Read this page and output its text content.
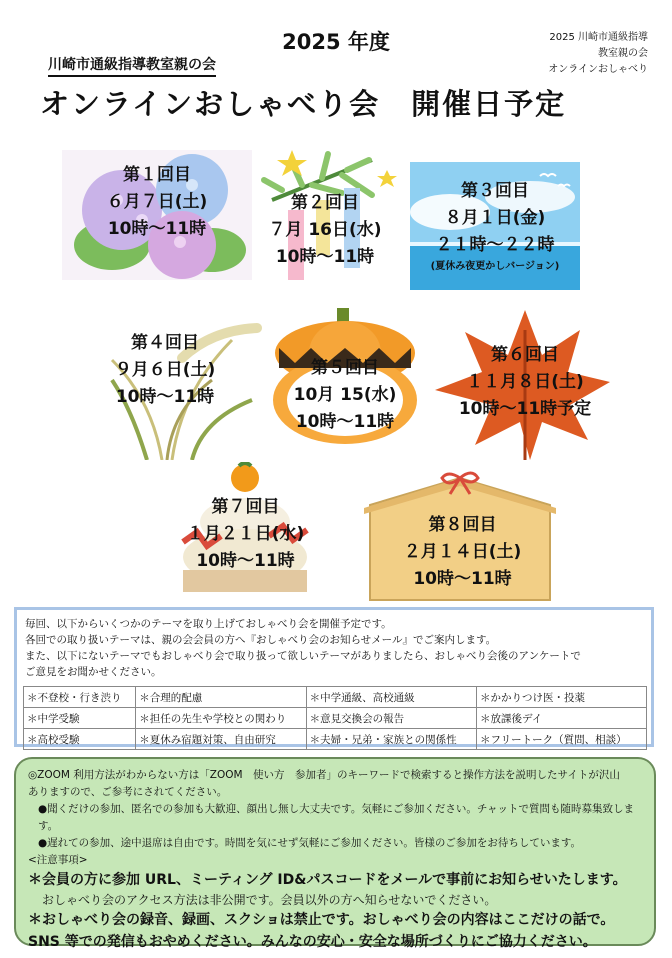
2025 年度
川崎市通級指導教室親の会
オンラインおしゃべり会　開催日予定
2025 川崎市通級指導
教室親の会
オンラインおしゃべり
第１回目
６月７日(土)
10時～11時
第２回目
７月 16日(水)
10時～11時
第３回目
８月１日(金)
２１時～２２時
(夏休み夜更かしバージョン)
第４回目
９月６日(土)
10時～11時
第５回目
10月 15(水)
10時～11時
第６回目
１１月８日(土)
10時～11時予定
第７回目
１月２１日(水)
10時～11時
第８回目
２月１４日(土)
10時～11時
毎回、以下からいくつかのテーマを取り上げておしゃべり会を開催予定です。
各回での取り扱いテーマは、親の会会員の方へ『おしゃべり会のお知らせメール』でご案内します。
また、以下にないテーマでもおしゃべり会で取り扱って欲しいテーマがありましたら、おしゃべり会後のアンケートで
ご意見をお聞かせください。
＊不登校・行き渋り	＊合理的配慮	＊中学通級、高校通級	＊かかりつけ医・投薬
＊中学受験	＊担任の先生や学校との関わり	＊意見交換会の報告	＊放課後デイ
＊高校受験	＊夏休み宿題対策、自由研究	＊夫婦・兄弟・家族との関係性	＊フリートーク（質問、相談）
◎ZOOM 利用方法がわからない方は「ZOOM　使い方　参加者」のキーワードで検索すると操作方法を説明したサイトが沢山
ありますので、ご参考にされてください。
●聞くだけの参加、匿名での参加も大歓迎、顔出し無し大丈夫です。気軽にご参加ください。チャットで質問も随時募集致します。
●遅れての参加、途中退席は自由です。時間を気にせず気軽にご参加ください。皆様のご参加をお待ちしています。
<注意事項>
＊会員の方に参加 URL、ミーティング ID&パスコードをメールで事前にお知らせいたします。
おしゃべり会のアクセス方法は非公開です。会員以外の方へ知らせないでください。
＊おしゃべり会の録音、録画、スクショは禁止です。おしゃべり会の内容はここだけの話で。
SNS 等での発信もおやめください。みんなの安心・安全な場所づくりにご協力ください。
